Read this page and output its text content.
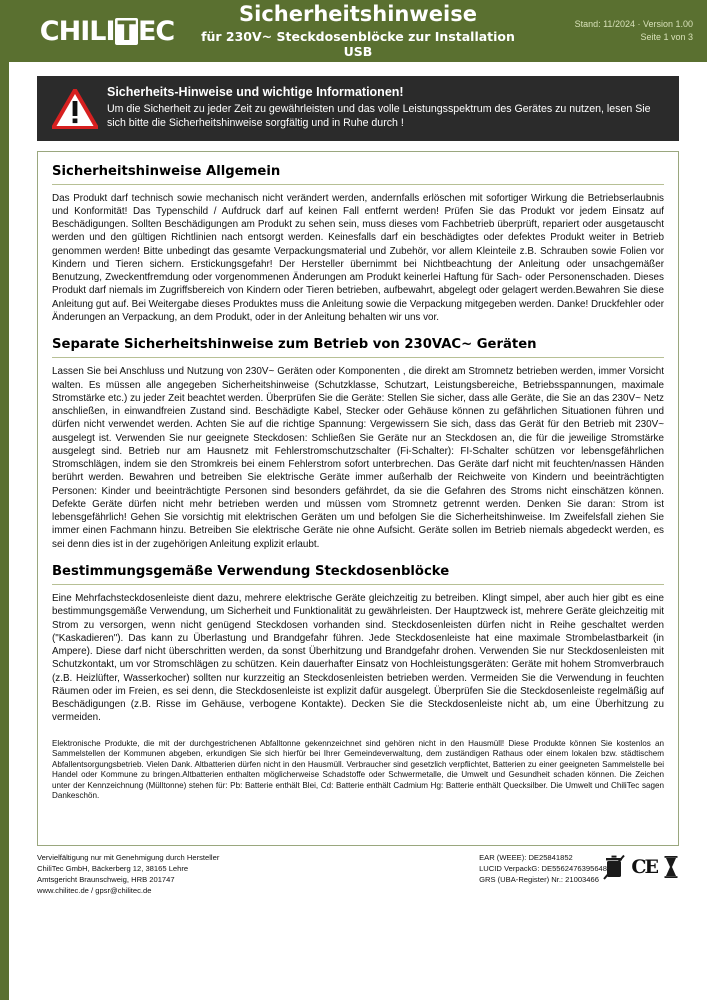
CHILI T EC
Sicherheitshinweise
für 230V~ Steckdosenblöcke zur Installation USB
Stand: 11/2024 · Version 1.00
Seite 1 von 3
Sicherheits-Hinweise und wichtige Informationen!
Um die Sicherheit zu jeder Zeit zu gewährleisten und das volle Leistungsspektrum des Gerätes zu nutzen, lesen Sie sich bitte die Sicherheitshinweise sorgfältig und in Ruhe durch !
Sicherheitshinweise Allgemein

Das Produkt darf technisch sowie mechanisch nicht verändert werden, andernfalls erlöschen mit sofortiger Wirkung die Betriebserlaubnis und Konformität! Das Typenschild / Aufdruck darf auf keinen Fall entfernt werden! Prüfen Sie das Produkt vor jedem Einsatz auf Beschädigungen. Sollten Beschädigungen am Produkt zu sehen sein, muss dieses vom Fachbetrieb überprüft, repariert oder ausgetauscht werden und den gültigen Richtlinien nach entsorgt werden. Keinesfalls darf ein beschädigtes oder defektes Produkt weiter in Betrieb genommen werden! Bitte unbedingt das gesamte Verpackungsmaterial und Zubehör, vor allem Kleinteile z.B. Schrauben sowie Folien vor Kindern und Tieren sichern. Erstickungsgefahr! Der Hersteller übernimmt bei Nichtbeachtung der Anleitung oder unsachgemäßer Benutzung, Zweckentfremdung oder vorgenommenen Änderungen am Produkt keinerlei Haftung für Sach- oder Personenschaden. Dieses Produkt darf niemals im Zugriffsbereich von Kindern oder Tieren betrieben, aufbewahrt, abgelegt oder gelagert werden.Bewahren Sie diese Anleitung gut auf. Bei Weitergabe dieses Produktes muss die Anleitung sowie die Verpackung mitgegeben werden. Danke! Druckfehler oder Änderungen an Verpackung, an dem Produkt, oder in der Anleitung behalten wir uns vor.

Separate Sicherheitshinweise zum Betrieb von 230VAC~ Geräten

Lassen Sie bei Anschluss und Nutzung von 230V~ Geräten oder Komponenten , die direkt am Stromnetz betrieben werden, immer Vorsicht walten. Es müssen alle angegeben Sicherheitshinweise (Schutzklasse, Schutzart, Leistungsbereiche, Betriebsspannungen, maximale Stromstärke etc.) zu jeder Zeit beachtet werden. Überprüfen Sie die Geräte: Stellen Sie sicher, dass alle Geräte, die Sie an das 230V~ Netz anschließen, in einwandfreien Zustand sind. Beschädigte Kabel, Stecker oder Gehäuse können zu gefährlichen Situationen führen und dürfen nicht verwendet werden. Achten Sie auf die richtige Spannung: Vergewissern Sie sich, dass das Gerät für den Betrieb mit 230V~ ausgelegt ist. Verwenden Sie nur geeignete Steckdosen: Schließen Sie Geräte nur an Steckdosen an, die für die jeweilige Stromstärke ausgelegt sind. Betrieb nur am Hausnetz mit Fehlerstromschutzschalter (Fi-Schalter): FI-Schalter schützen vor lebensgefährlichen Stromschlägen, indem sie den Stromkreis bei einem Fehlerstrom sofort unterbrechen. Das Geräte darf nicht mit feuchten/nassen Händen berührt werden. Bewahren und betreiben Sie elektrische Geräte immer außerhalb der Reichweite von Kindern und beeinträchtigten Personen: Kinder und beeinträchtigte Personen sind besonders gefährdet, da sie die Gefahren des Stroms nicht einschätzen können. Defekte Geräte dürfen nicht mehr betrieben werden und müssen vom Stromnetz getrennt werden. Denken Sie daran: Strom ist lebensgefährlich! Gehen Sie vorsichtig mit elektrischen Geräten um und befolgen Sie die Sicherheitshinweise. Im Zweifelsfall ziehen Sie immer einen Fachmann hinzu. Betreiben Sie elektrische Geräte nie ohne Aufsicht. Geräte sollen im Betrieb niemals abgedeckt werden, es sei denn dies ist in der zugehörigen Anleitung explizit erlaubt.

Bestimmungsgemäße Verwendung Steckdosenblöcke

Eine Mehrfachsteckdosenleiste dient dazu, mehrere elektrische Geräte gleichzeitig zu betreiben. Klingt simpel, aber auch hier gibt es eine bestimmungsgemäße Verwendung, um Sicherheit und Funktionalität zu gewährleisten. Der Hauptzweck ist, mehrere Geräte gleichzeitig mit Strom zu versorgen, wenn nicht genügend Steckdosen vorhanden sind. Steckdosenleisten dürfen nicht in Reihe geschaltet werden ("Kaskadieren"). Das kann zu Überlastung und Brandgefahr führen. Jede Steckdosenleiste hat eine maximale Strombelastbarkeit (in Ampere). Diese darf nicht überschritten werden, da sonst Überhitzung und Brandgefahr drohen. Verwenden Sie nur Steckdosenleisten mit Schutzkontakt, um vor Stromschlägen zu schützen. Kein dauerhafter Einsatz von Hochleistungsgeräten: Geräte mit hohem Stromverbrauch (z.B. Heizlüfter, Wasserkocher) sollten nur kurzzeitig an Steckdosenleisten betrieben werden. Vermeiden Sie die Verwendung in feuchten Räumen oder im Freien, es sei denn, die Steckdosenleiste ist explizit dafür ausgelegt. Überprüfen Sie die Steckdosenleiste regelmäßig auf Beschädigungen (z.B. Risse im Gehäuse, verbogene Kontakte). Decken Sie die Steckdosenleiste nicht ab, um eine Überhitzung zu vermeiden.

Elektronische Produkte, die mit der durchgestrichenen Abfalltonne gekennzeichnet sind gehören nicht in den Hausmüll! Diese Produkte können Sie kostenlos an Sammelstellen der Kommunen abgeben, erkundigen Sie sich hierfür bei Ihrer Gemeindeverwaltung, dem zuständigen Rathaus oder einem lokalen bzw. städtischem Abfallentsorgungsbetrieb. Vielen Dank. Altbatterien dürfen nicht in den Hausmüll. Verbraucher sind gesetzlich verpflichtet, Batterien zu einer geeigneten Sammelstelle bei Handel oder Kommune zu bringen.Altbatterien enthalten möglicherweise Schadstoffe oder Schwermetalle, die Umwelt und Gesundheit schaden können. Die Zeichen unter der Kennzeichnung (Mülltonne) stehen für: Pb: Batterie enthält Blei, Cd: Batterie enthält Cadmium Hg: Batterie enthält Quecksilber. Die Umwelt und ChiliTec sagen Dankeschön.
Vervielfältigung nur mit Genehmigung durch Hersteller
ChiliTec GmbH, Bäckerberg 12, 38165 Lehre
Amtsgericht Braunschweig, HRB 201747
www.chilitec.de / gpsr@chilitec.de
EAR (WEEE): DE25841852
LUCID VerpackG: DE5562476395648
GRS (UBA-Register) Nr.: 21003466
CE
